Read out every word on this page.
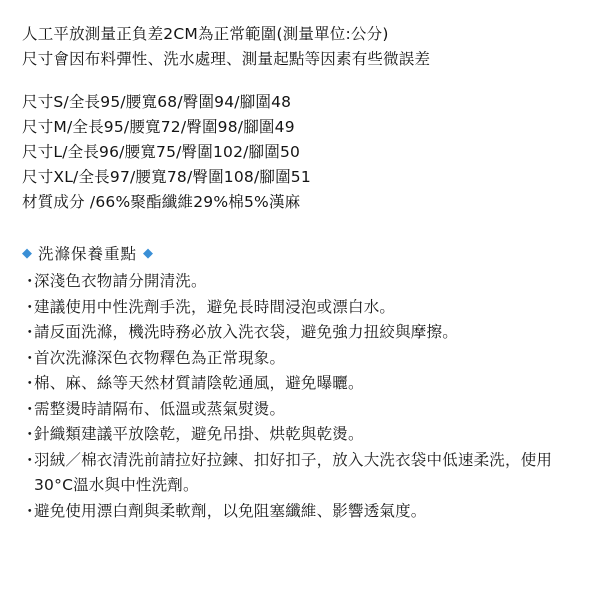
人工平放測量正負差2CM為正常範圍(測量單位:公分)
尺寸會因布料彈性、洗水處理、測量起點等因素有些微誤差
尺寸S/全長95/腰寬68/臀圍94/腳圍48
尺寸M/全長95/腰寬72/臀圍98/腳圍49
尺寸L/全長96/腰寬75/臀圍102/腳圍50
尺寸XL/全長97/腰寬78/臀圍108/腳圍51
材質成分 /66%聚酯纖維29%棉5%漢麻
◆ 洗滌保養重點 ◆
・
深淺色衣物請分開清洗。
・
建議使用中性洗劑手洗，避免長時間浸泡或漂白水。
・
請反面洗滌，機洗時務必放入洗衣袋，避免強力扭絞與摩擦。
・
首次洗滌深色衣物釋色為正常現象。
・
棉、麻、絲等天然材質請陰乾通風，避免曝曬。
・
需整燙時請隔布、低溫或蒸氣熨燙。
・
針織類建議平放陰乾，避免吊掛、烘乾與乾燙。
・
羽絨／棉衣清洗前請拉好拉鍊、扣好扣子，放入大洗衣袋中低速柔洗，使用30°C溫水與中性洗劑。
・
避免使用漂白劑與柔軟劑，以免阻塞纖維、影響透氣度。
